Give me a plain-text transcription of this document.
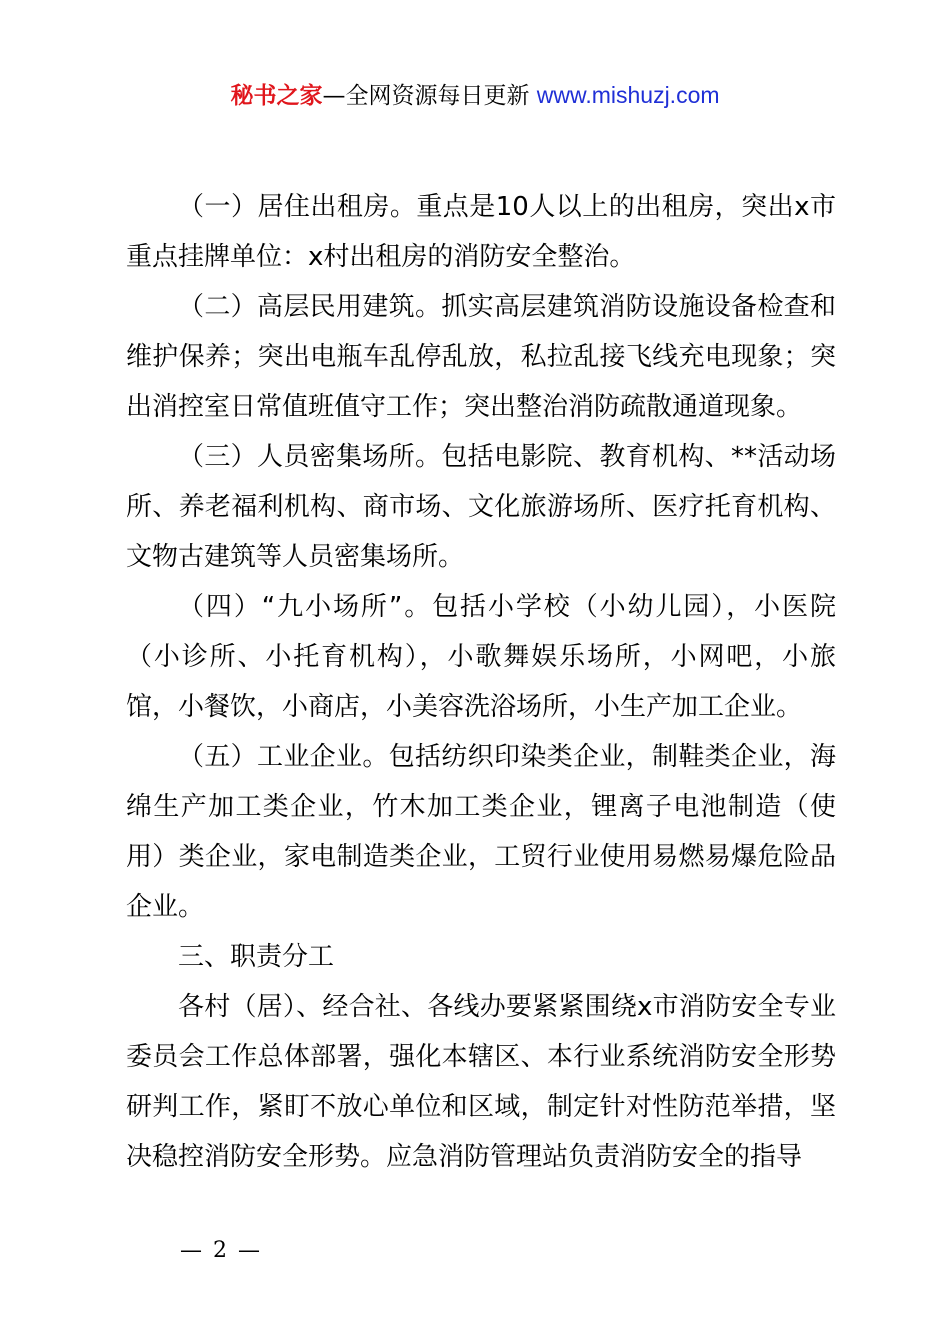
秘书之家—全网资源每日更新 www.mishuzj.com

（一）居住出租房。重点是10人以上的出租房，突出x市重点挂牌单位：x村出租房的消防安全整治。

（二）高层民用建筑。抓实高层建筑消防设施设备检查和维护保养；突出电瓶车乱停乱放，私拉乱接飞线充电现象；突出消控室日常值班值守工作；突出整治消防疏散通道现象。

（三）人员密集场所。包括电影院、教育机构、**活动场所、养老福利机构、商市场、文化旅游场所、医疗托育机构、文物古建筑等人员密集场所。

（四）“九小场所”。包括小学校（小幼儿园），小医院（小诊所、小托育机构），小歌舞娱乐场所，小网吧，小旅馆，小餐饮，小商店，小美容洗浴场所，小生产加工企业。

（五）工业企业。包括纺织印染类企业，制鞋类企业，海绵生产加工类企业，竹木加工类企业，锂离子电池制造（使用）类企业，家电制造类企业，工贸行业使用易燃易爆危险品企业。

三、职责分工

各村（居）、经合社、各线办要紧紧围绕x市消防安全专业委员会工作总体部署，强化本辖区、本行业系统消防安全形势研判工作，紧盯不放心单位和区域，制定针对性防范举措，坚决稳控消防安全形势。应急消防管理站负责消防安全的指导

— 2 —
